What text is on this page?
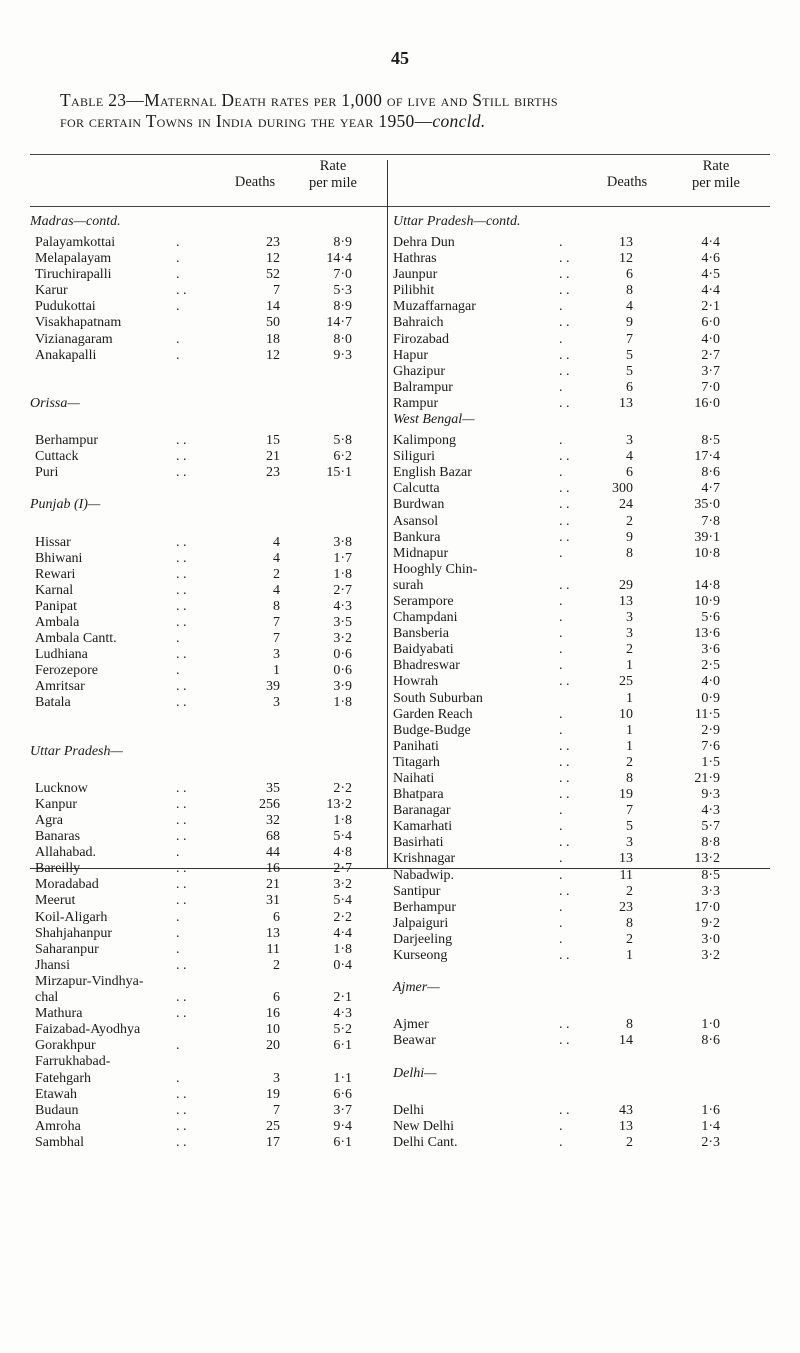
45
Table 23—Maternal Death rates per 1,000 of live and Still births
for certain Towns in India during the year 1950—concld.
Deaths
Rate
per mile	Deaths
Rate
per mile
Madras—contd.
Palayamkottai	.	23	8·9
Melapalayam	.	12	14·4
Tiruchirapalli	.	52	7·0
Karur	. .	7	5·3
Pudukottai	.	14	8·9
Visakhapatnam	50	14·7
Vizianagaram	.	18	8·0
Anakapalli	.	12	9·3
Orissa—
Berhampur	. .	15	5·8
Cuttack	. .	21	6·2
Puri	. .	23	15·1
Punjab (I)—
Hissar	. .	4	3·8
Bhiwani	. .	4	1·7
Rewari	. .	2	1·8
Karnal	. .	4	2·7
Panipat	. .	8	4·3
Ambala	. .	7	3·5
Ambala Cantt.	.	7	3·2
Ludhiana	. .	3	0·6
Ferozepore	.	1	0·6
Amritsar	. .	39	3·9
Batala	. .	3	1·8
Uttar Pradesh—
Lucknow	. .	35	2·2
Kanpur	. .	256	13·2
Agra	. .	32	1·8
Banaras	. .	68	5·4
Allahabad.	.	44	4·8
Bareilly	. .	16	2·7
Moradabad	. .	21	3·2
Meerut	. .	31	5·4
Koil-Aligarh	.	6	2·2
Shahjahanpur	.	13	4·4
Saharanpur	.	11	1·8
Jhansi	. .	2	0·4
Mirzapur-Vindhya-
chal	. .	6	2·1
Mathura	. .	16	4·3
Faizabad-Ayodhya	10	5·2
Gorakhpur	.	20	6·1
Farrukhabad-
Fatehgarh	.	3	1·1
Etawah	. .	19	6·6
Budaun	. .	7	3·7
Amroha	. .	25	9·4
Sambhal	. .	17	6·1
Uttar Pradesh—contd.
Dehra Dun	.	13	4·4
Hathras	. .	12	4·6
Jaunpur	. .	6	4·5
Pilibhit	. .	8	4·4
Muzaffarnagar	.	4	2·1
Bahraich	. .	9	6·0
Firozabad	.	7	4·0
Hapur	. .	5	2·7
Ghazipur	. .	5	3·7
Balrampur	.	6	7·0
Rampur	. .	13	16·0
West Bengal—
Kalimpong	.	3	8·5
Siliguri	. .	4	17·4
English Bazar	.	6	8·6
Calcutta	. .	300	4·7
Burdwan	. .	24	35·0
Asansol	. .	2	7·8
Bankura	. .	9	39·1
Midnapur	.	8	10·8
Hooghly Chin-
surah	. .	29	14·8
Serampore	.	13	10·9
Champdani	.	3	5·6
Bansberia	.	3	13·6
Baidyabati	.	2	3·6
Bhadreswar	.	1	2·5
Howrah	. .	25	4·0
South Suburban	1	0·9
Garden Reach	.	10	11·5
Budge-Budge	.	1	2·9
Panihati	. .	1	7·6
Titagarh	. .	2	1·5
Naihati	. .	8	21·9
Bhatpara	. .	19	9·3
Baranagar	.	7	4·3
Kamarhati	.	5	5·7
Basirhati	. .	3	8·8
Krishnagar	.	13	13·2
Nabadwip.	.	11	8·5
Santipur	. .	2	3·3
Berhampur	.	23	17·0
Jalpaiguri	.	8	9·2
Darjeeling	.	2	3·0
Kurseong	. .	1	3·2
Ajmer—
Ajmer	. .	8	1·0
Beawar	. .	14	8·6
Delhi—
Delhi	. .	43	1·6
New Delhi	.	13	1·4
Delhi Cant.	.	2	2·3
